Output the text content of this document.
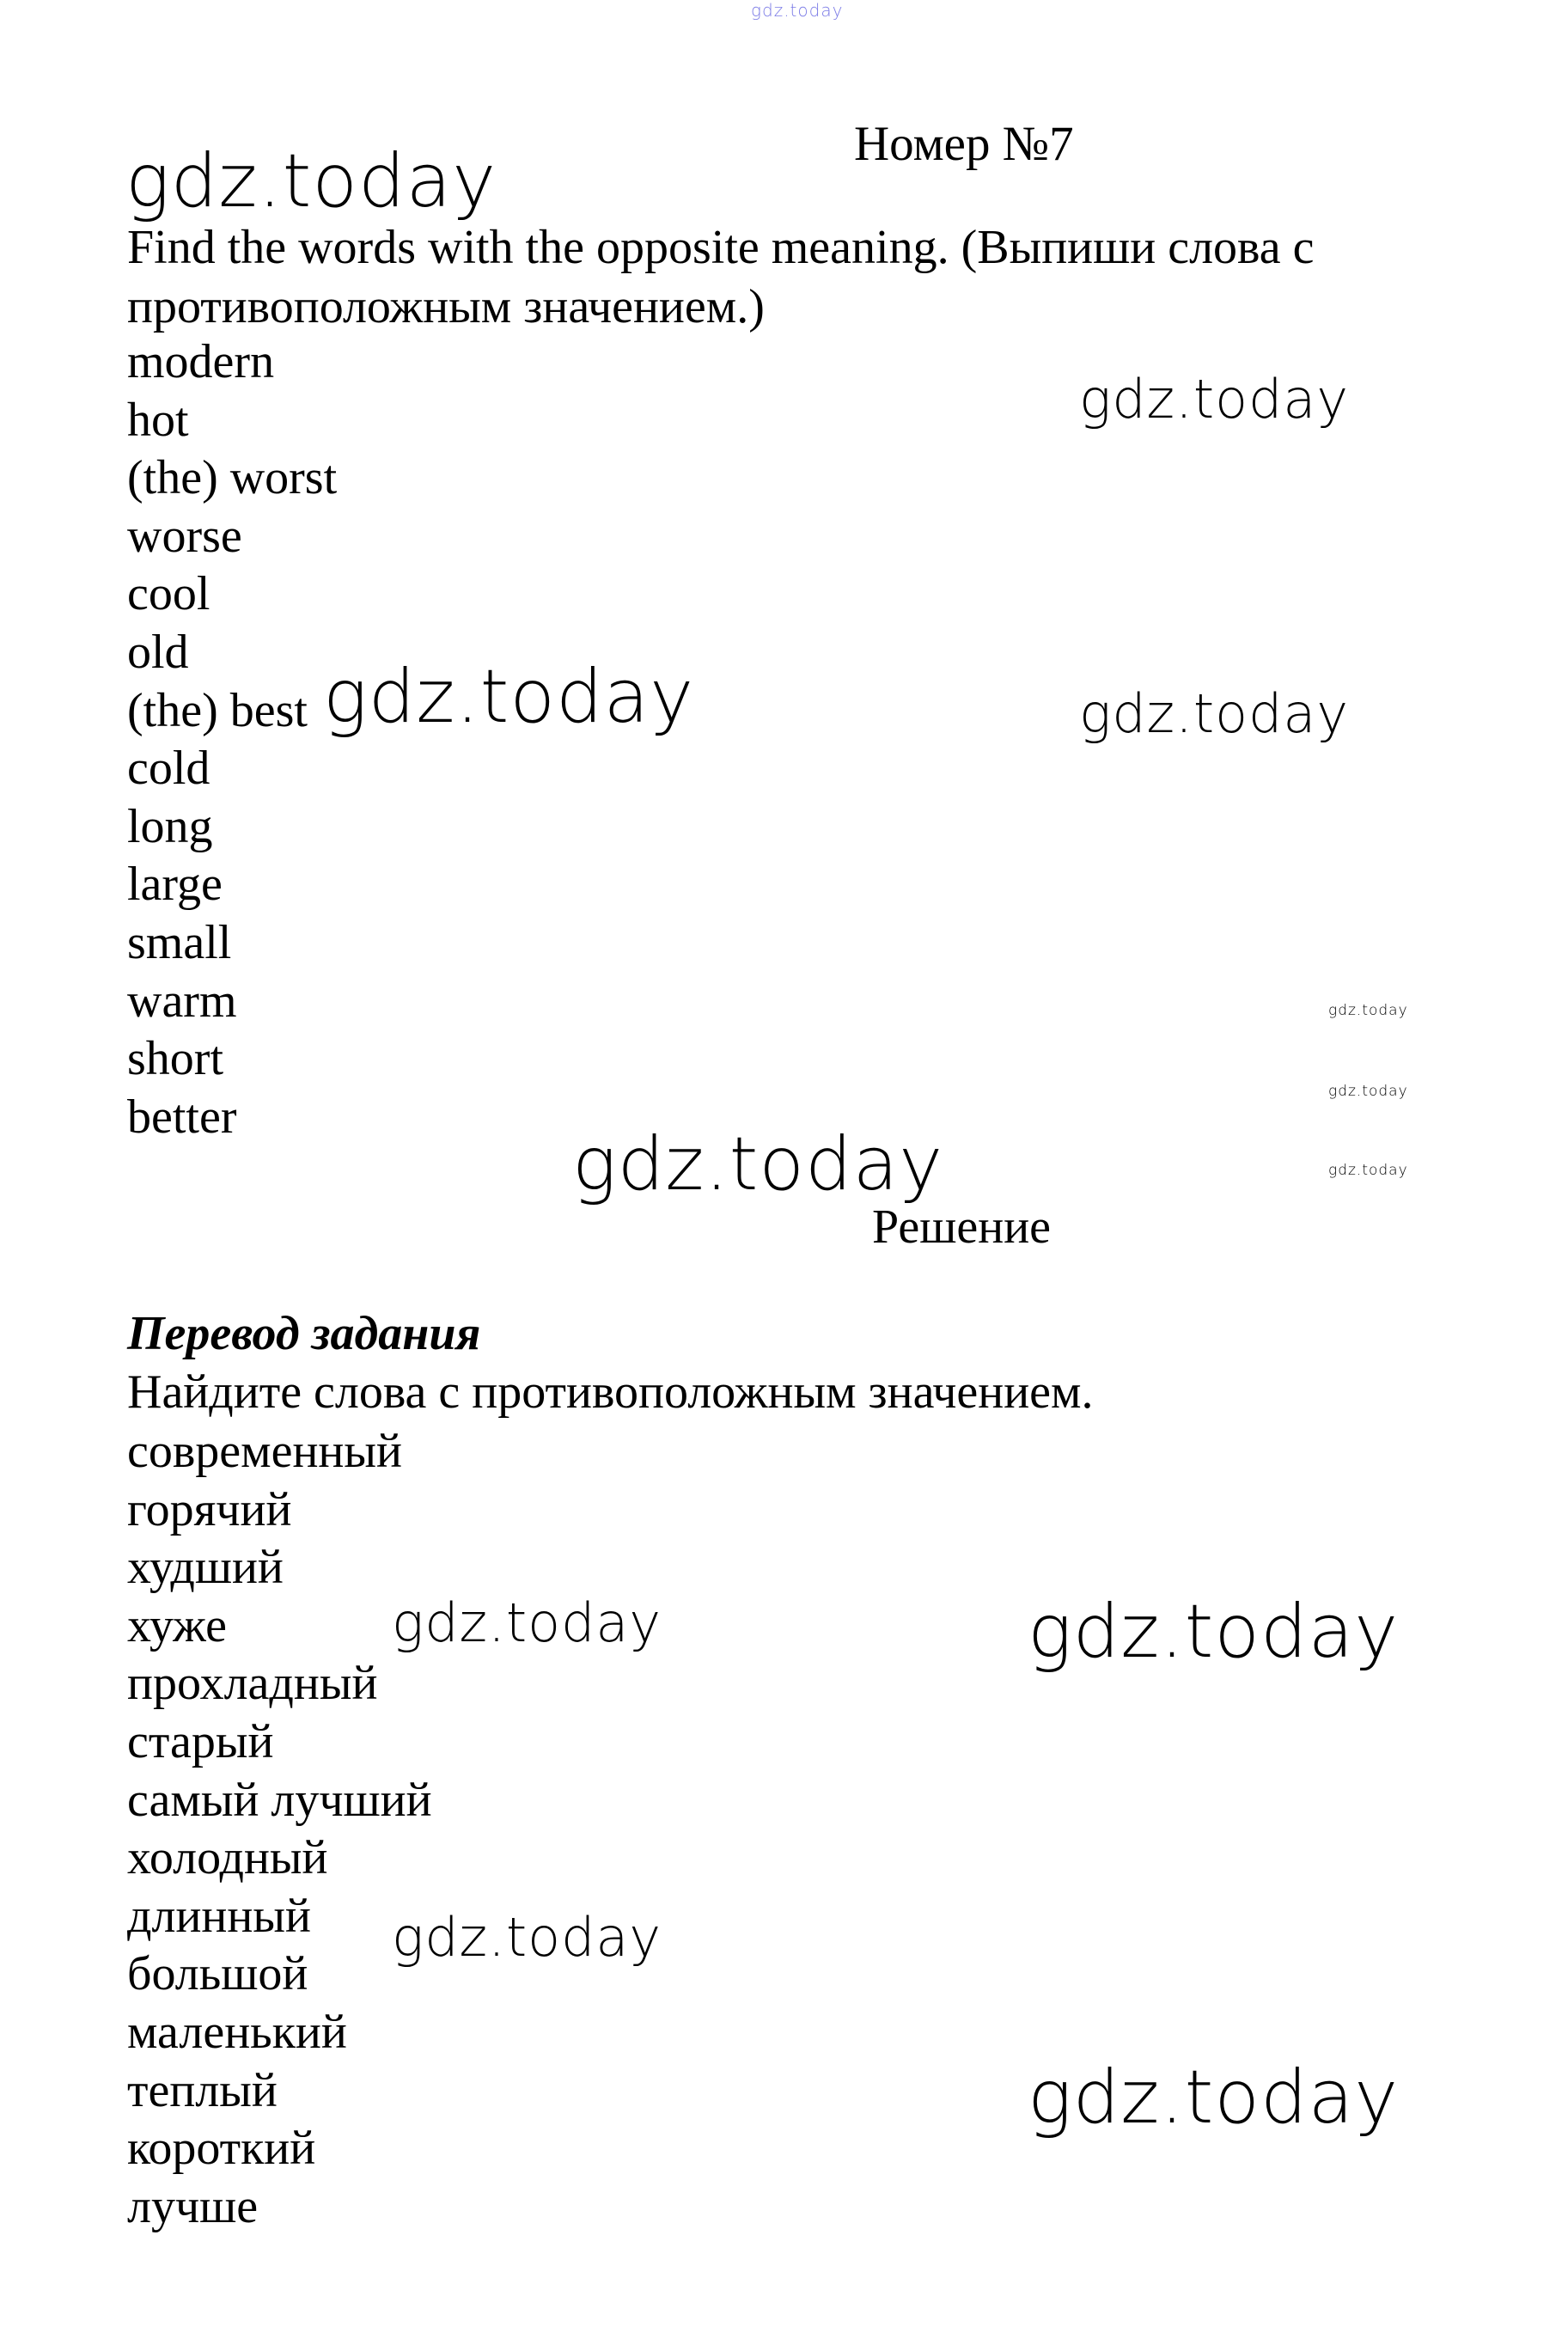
gdz.today
gdz.today
gdz.today
gdz.today	gdz.today
gdz.today
gdz.today
gdz.today
gdz.today
gdz.today	gdz.today
gdz.today
gdz.today
Номер №7

Find the words with the opposite meaning. (Выпиши слова с противоположным значением.)

modern
hot
(the) worst
worse
cool
old
(the) best
cold
long
large
small
warm
short
better
Решение
Перевод задания
Найдите слова с противоположным значением.
современный
горячий
худший
хуже
прохладный
старый
самый лучший
холодный
длинный
большой
маленький
теплый
короткий
лучше
